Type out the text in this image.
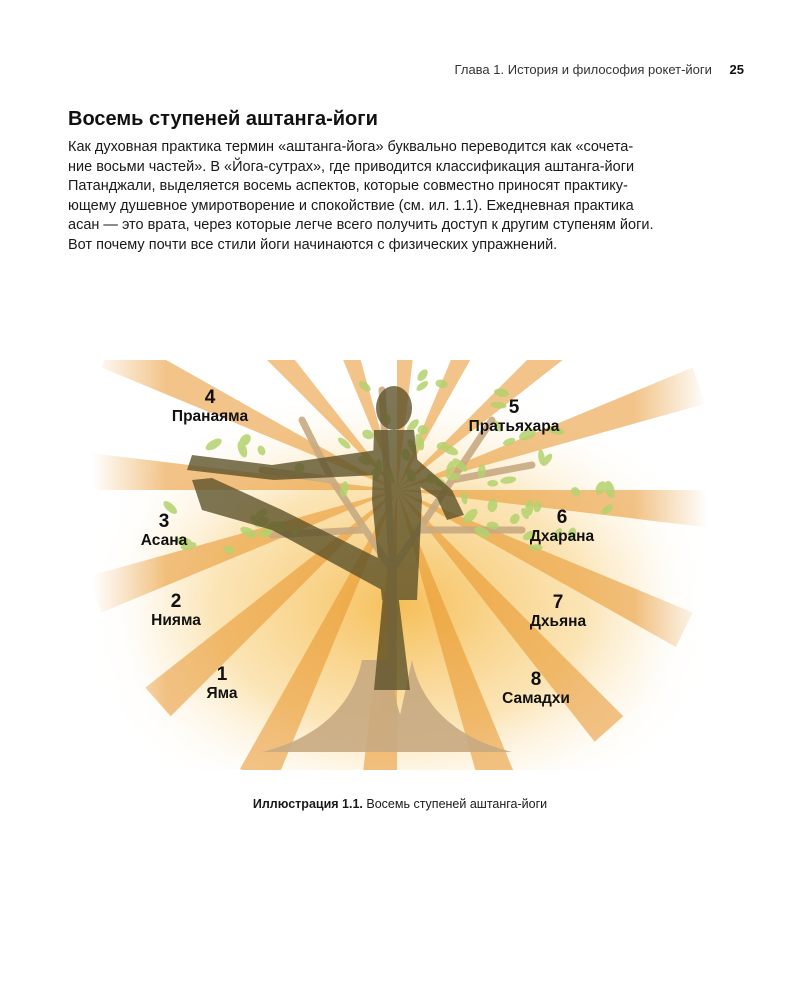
Глава 1. История и философия рокет-йоги 25
Восемь ступеней аштанга-йоги
Как духовная практика термин «аштанга-йога» буквально переводится как «сочета-
ние восьми частей». В «Йога-сутрах», где приводится классификация аштанга-йоги
Патанджали, выделяется восемь аспектов, которые совместно приносят практику-
ющему душевное умиротворение и спокойствие (см. ил. 1.1). Ежедневная практика
асан — это врата, через которые легче всего получить доступ к другим ступеням йоги.
Вот почему почти все стили йоги начинаются с физических упражнений.
1
Яма
2
Нияма
3
Асана
4
Пранаяма	5
Пратьяхара
6
Дхарана
7
Дхьяна
8
Самадхи
Иллюстрация 1.1. Восемь ступеней аштанга-йоги
